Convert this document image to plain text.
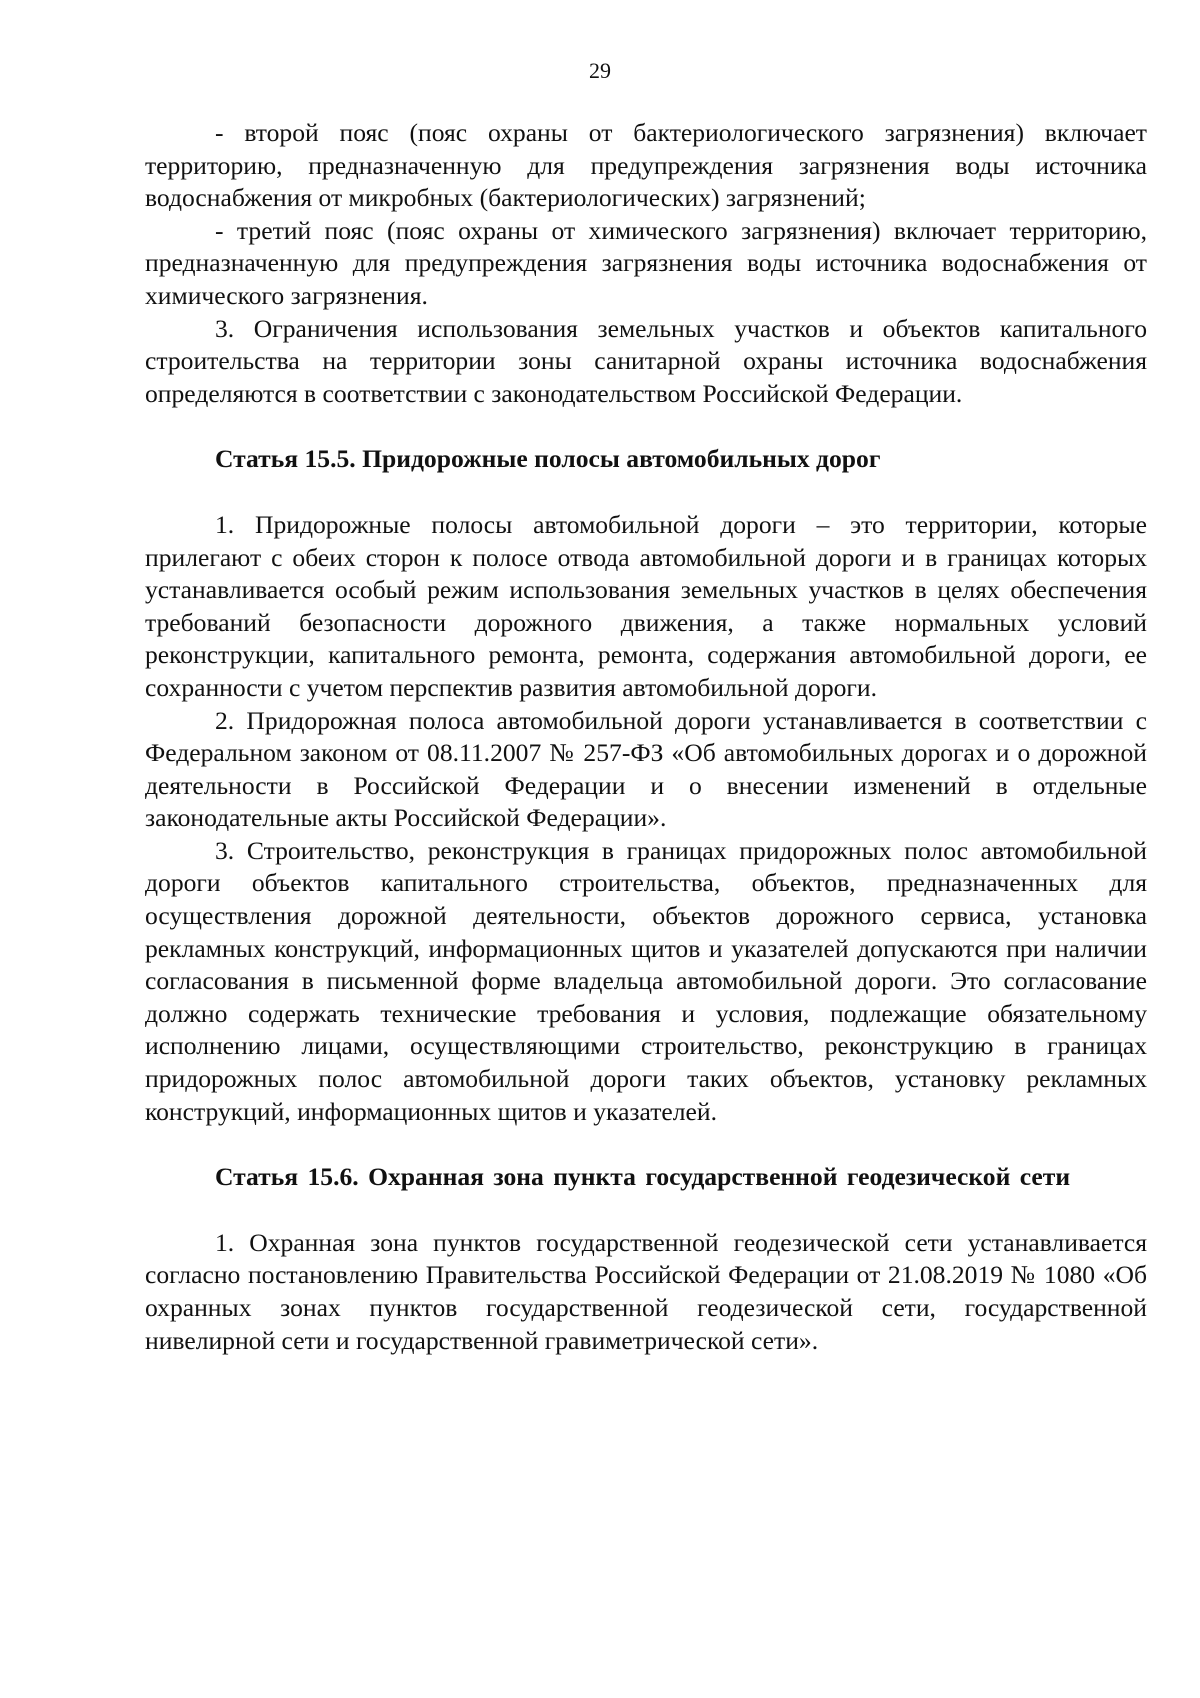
29

- второй пояс (пояс охраны от бактериологического загрязнения) включает территорию, предназначенную для предупреждения загрязнения воды источника водоснабжения от микробных (бактериологических) загрязнений;

- третий пояс (пояс охраны от химического загрязнения) включает территорию, предназначенную для предупреждения загрязнения воды источника водоснабжения от химического загрязнения.

3. Ограничения использования земельных участков и объектов капитального строительства на территории зоны санитарной охраны источника водоснабжения определяются в соответствии с законодательством Российской Федерации.

Статья 15.5. Придорожные полосы автомобильных дорог

1. Придорожные полосы автомобильной дороги – это территории, которые прилегают с обеих сторон к полосе отвода автомобильной дороги и в границах которых устанавливается особый режим использования земельных участков в целях обеспечения требований безопасности дорожного движения, а также нормальных условий реконструкции, капитального ремонта, ремонта, содержания автомобильной дороги, ее сохранности с учетом перспектив развития автомобильной дороги.

2. Придорожная полоса автомобильной дороги устанавливается в соответствии с Федеральном законом от 08.11.2007 № 257-ФЗ «Об автомобильных дорогах и о дорожной деятельности в Российской Федерации и о внесении изменений в отдельные законодательные акты Российской Федерации».

3. Строительство, реконструкция в границах придорожных полос автомобильной дороги объектов капитального строительства, объектов, предназначенных для осуществления дорожной деятельности, объектов дорожного сервиса, установка рекламных конструкций, информационных щитов и указателей допускаются при наличии согласования в письменной форме владельца автомобильной дороги. Это согласование должно содержать технические требования и условия, подлежащие обязательному исполнению лицами, осуществляющими строительство, реконструкцию в границах придорожных полос автомобильной дороги таких объектов, установку рекламных конструкций, информационных щитов и указателей.

Статья 15.6. Охранная зона пункта государственной геодезической сети

1. Охранная зона пунктов государственной геодезической сети устанавливается согласно постановлению Правительства Российской Федерации от 21.08.2019 № 1080 «Об охранных зонах пунктов государственной геодезической сети, государственной нивелирной сети и государственной гравиметрической сети».
